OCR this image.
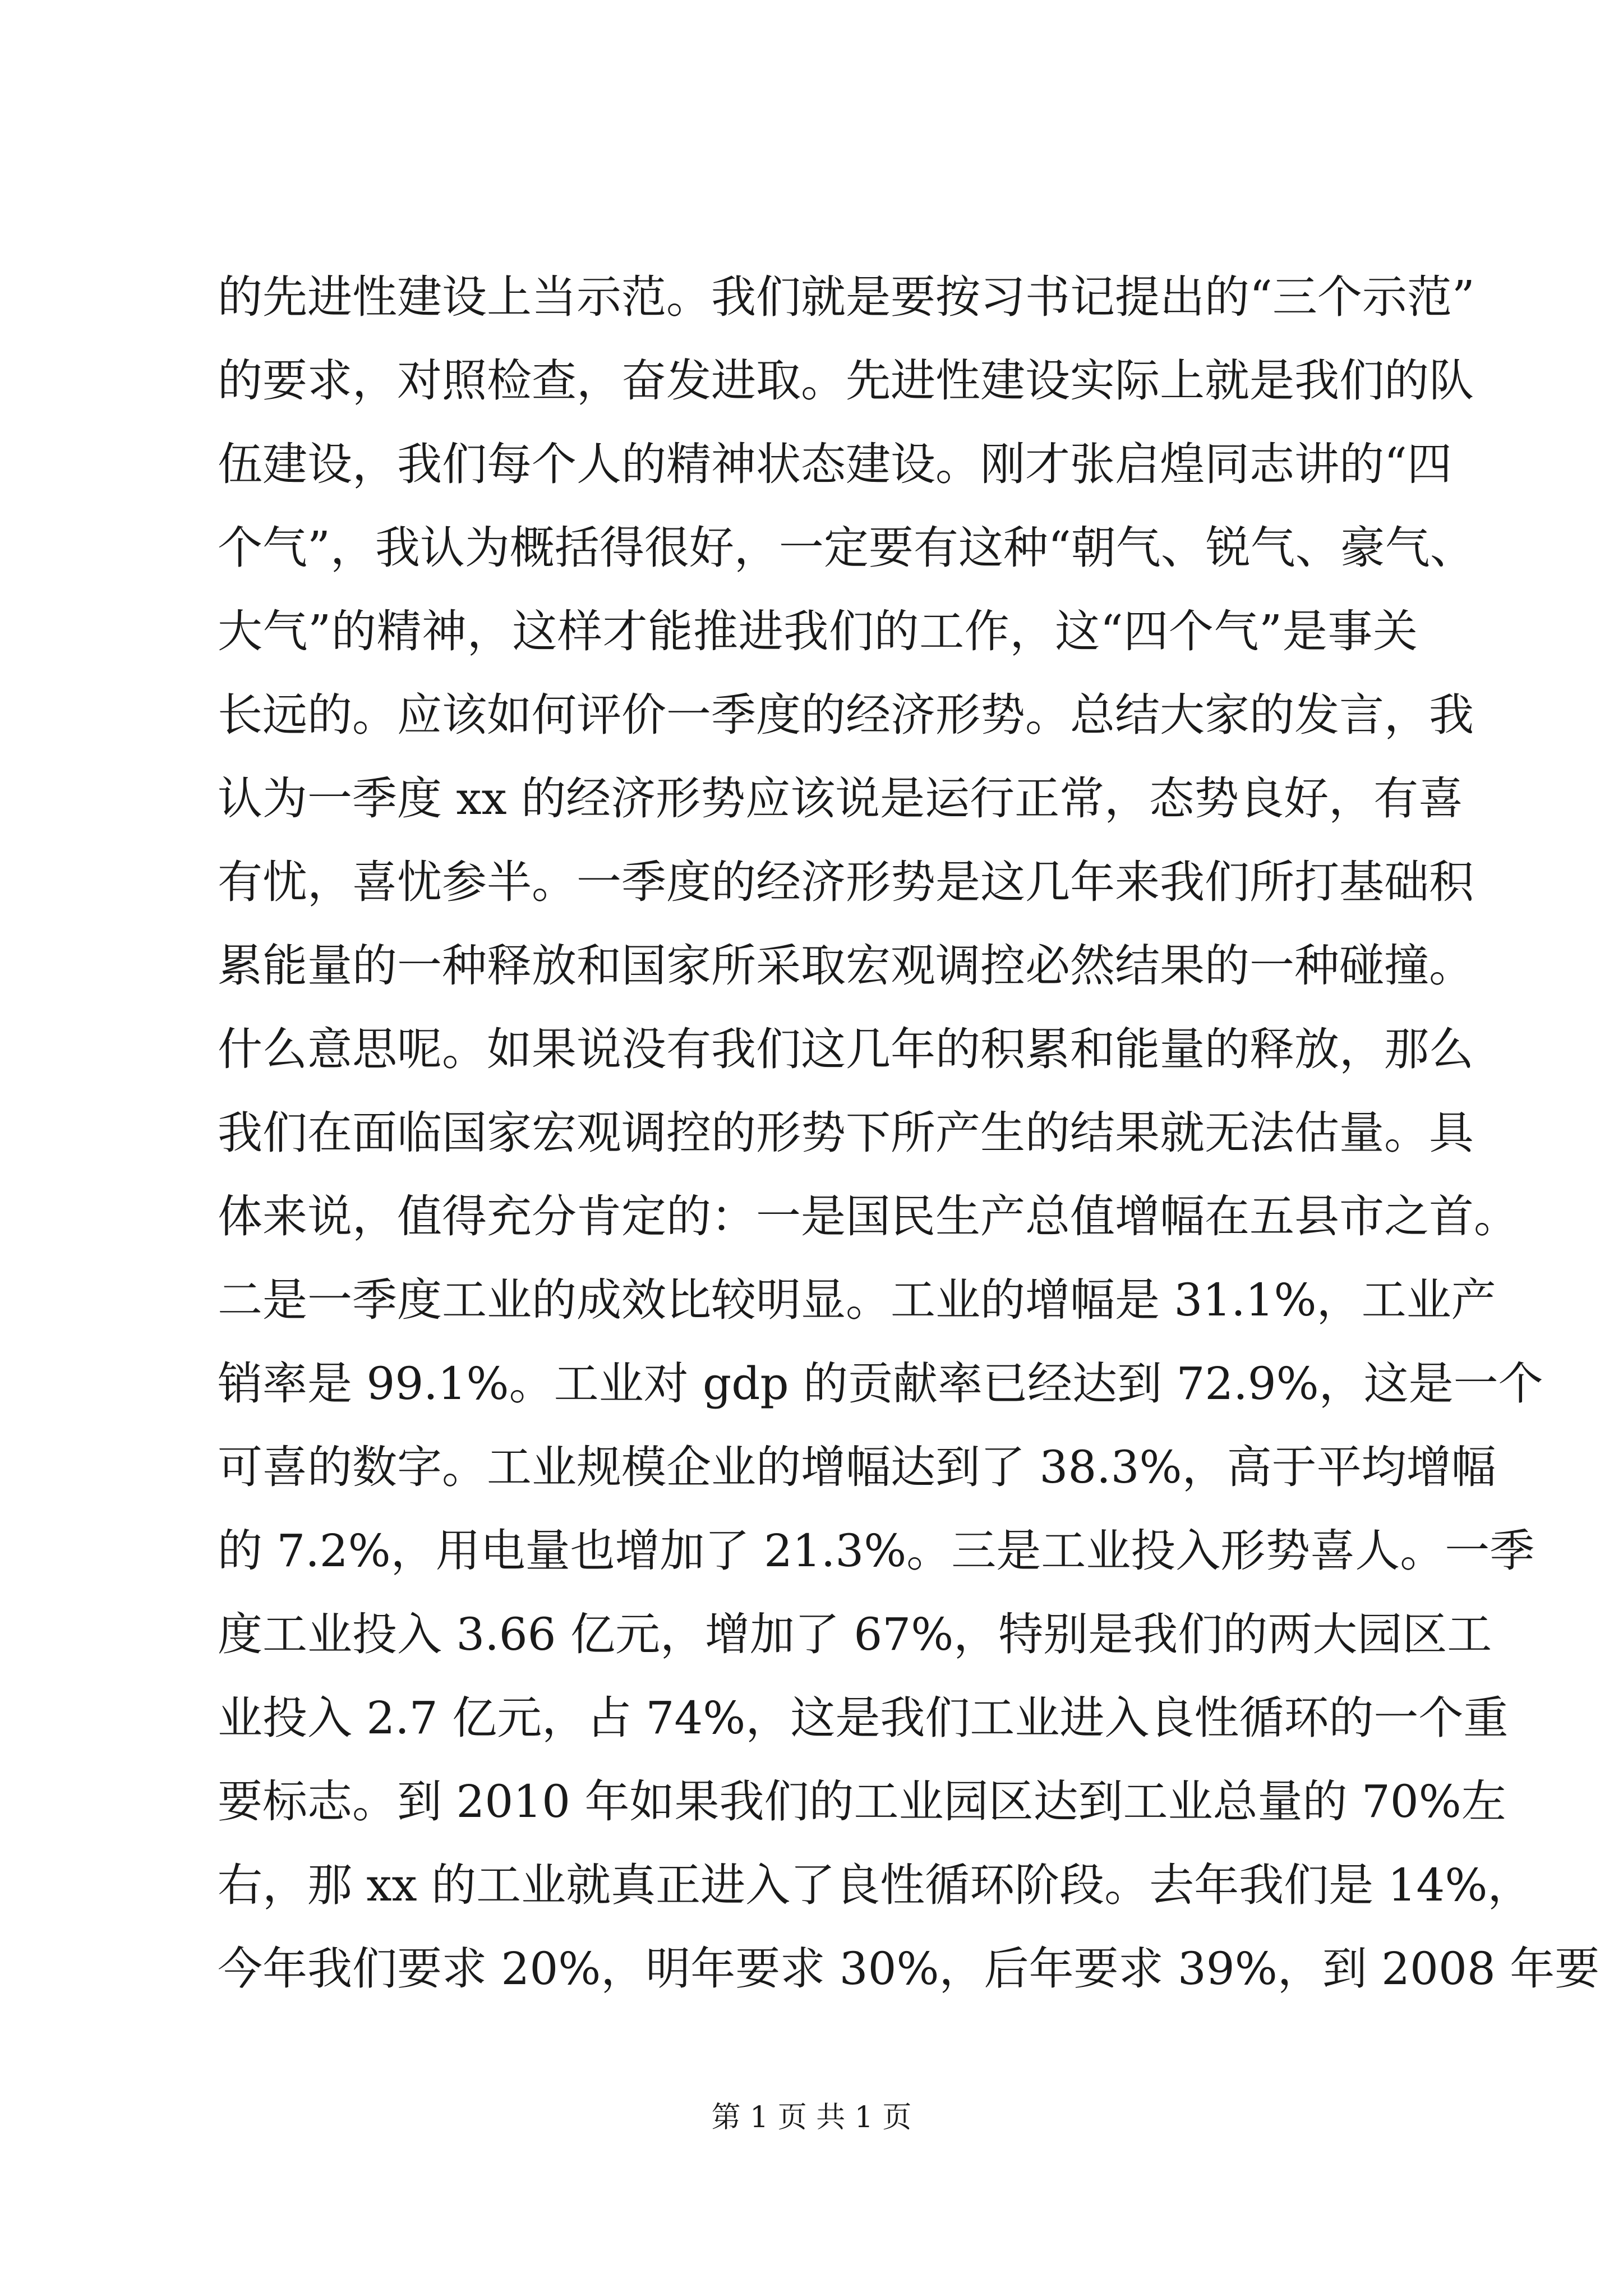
的先进性建设上当示范。我们就是要按习书记提出的“三个示范”
的要求，对照检查，奋发进取。先进性建设实际上就是我们的队
伍建设，我们每个人的精神状态建设。刚才张启煌同志讲的“四
个气”，我认为概括得很好，一定要有这种“朝气、锐气、豪气、
大气”的精神，这样才能推进我们的工作，这“四个气”是事关
长远的。应该如何评价一季度的经济形势。总结大家的发言，我
认为一季度 xx 的经济形势应该说是运行正常，态势良好，有喜
有忧，喜忧参半。一季度的经济形势是这几年来我们所打基础积
累能量的一种释放和国家所采取宏观调控必然结果的一种碰撞。
什么意思呢。如果说没有我们这几年的积累和能量的释放，那么
我们在面临国家宏观调控的形势下所产生的结果就无法估量。具
体来说，值得充分肯定的：一是国民生产总值增幅在五县市之首。
二是一季度工业的成效比较明显。工业的增幅是 31.1%，工业产
销率是 99.1%。工业对 gdp 的贡献率已经达到 72.9%，这是一个
可喜的数字。工业规模企业的增幅达到了 38.3%，高于平均增幅
的 7.2%，用电量也增加了 21.3%。三是工业投入形势喜人。一季
度工业投入 3.66 亿元，增加了 67%，特别是我们的两大园区工
业投入 2.7 亿元，占 74%，这是我们工业进入良性循环的一个重
要标志。到 2010 年如果我们的工业园区达到工业总量的 70%左
右，那 xx 的工业就真正进入了良性循环阶段。去年我们是 14%，
今年我们要求 20%，明年要求 30%，后年要求 39%，到 2008 年要
第 1 页 共 1 页
